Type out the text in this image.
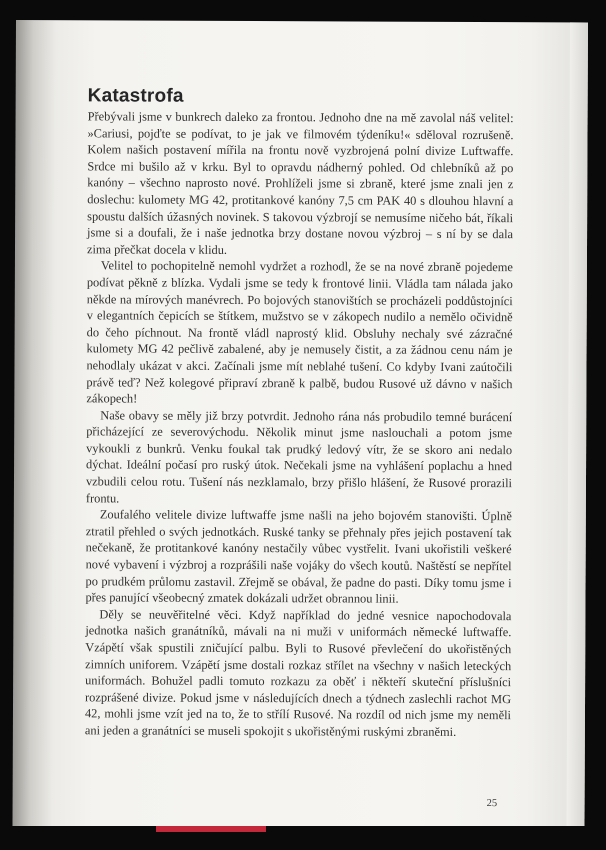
Katastrofa

Přebývali jsme v bunkrech daleko za frontou. Jednoho dne na mě zavolal náš velitel: »Cariusi, pojďte se podívat, to je jak ve filmovém týdeníku!« sděloval rozrušeně. Kolem našich postavení mířila na frontu nově vyzbrojená polní divize Luftwaffe. Srdce mi bušilo až v krku. Byl to opravdu nádherný pohled. Od chlebníků až po kanóny – všechno naprosto nové. Prohlíželi jsme si zbraně, které jsme znali jen z doslechu: kulomety MG 42, protitankové kanóny 7,5 cm PAK 40 s dlouhou hlavní a spoustu dalších úžasných novinek. S takovou výzbrojí se nemusíme ničeho bát, říkali jsme si a doufali, že i naše jednotka brzy dostane novou výzbroj – s ní by se dala zima přečkat docela v klidu.

Velitel to pochopitelně nemohl vydržet a rozhodl, že se na nové zbraně pojedeme podívat pěkně z blízka. Vydali jsme se tedy k frontové linii. Vládla tam nálada jako někde na mírových manévrech. Po bojových stanovištích se procházeli poddůstojníci v elegantních čepicích se štítkem, mužstvo se v zákopech nudilo a nemělo očividně do čeho píchnout. Na frontě vládl naprostý klid. Obsluhy nechaly své zázračné kulomety MG 42 pečlivě zabalené, aby je nemusely čistit, a za žádnou cenu nám je nehodlaly ukázat v akci. Začínali jsme mít neblahé tušení. Co kdyby Ivani zaútočili právě teď? Než kolegové připraví zbraně k palbě, budou Rusové už dávno v našich zákopech!

Naše obavy se měly již brzy potvrdit. Jednoho rána nás probudilo temné burácení přicházející ze severovýchodu. Několik minut jsme naslouchali a potom jsme vykoukli z bunkrů. Venku foukal tak prudký ledový vítr, že se skoro ani nedalo dýchat. Ideální počasí pro ruský útok. Nečekali jsme na vyhlášení poplachu a hned vzbudili celou rotu. Tušení nás nezklamalo, brzy přišlo hlášení, že Rusové prorazili frontu.

Zoufalého velitele divize luftwaffe jsme našli na jeho bojovém stanovišti. Úplně ztratil přehled o svých jednotkách. Ruské tanky se přehnaly přes jejich postavení tak nečekaně, že protitankové kanóny nestačily vůbec vystřelit. Ivani ukořistili veškeré nové vybavení i výzbroj a rozprášili naše vojáky do všech koutů. Naštěstí se nepřítel po prudkém průlomu zastavil. Zřejmě se obával, že padne do pasti. Díky tomu jsme i přes panující všeobecný zmatek dokázali udržet obrannou linii.

Děly se neuvěřitelné věci. Když například do jedné vesnice napochodovala jednotka našich granátníků, mávali na ni muži v uniformách německé luftwaffe. Vzápětí však spustili zničující palbu. Byli to Rusové převlečení do ukořistěných zimních uniforem. Vzápětí jsme dostali rozkaz střílet na všechny v našich leteckých uniformách. Bohužel padli tomuto rozkazu za oběť i někteří skuteční příslušníci rozprášené divize. Pokud jsme v následujících dnech a týdnech zaslechli rachot MG 42, mohli jsme vzít jed na to, že to střílí Rusové. Na rozdíl od nich jsme my neměli ani jeden a granátníci se museli spokojit s ukořistěnými ruskými zbraněmi.

25
